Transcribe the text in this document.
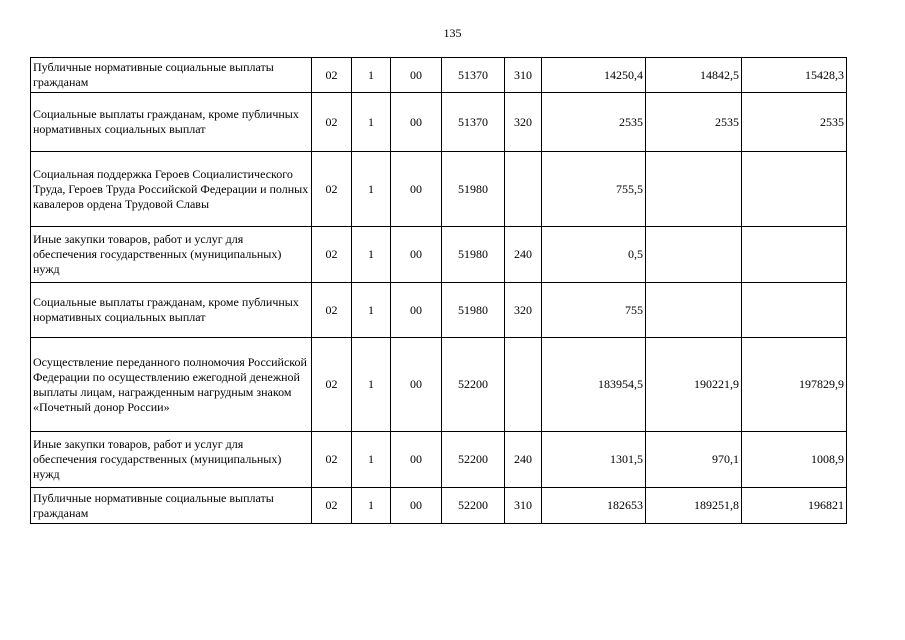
135
Публичные нормативные социальные выплаты гражданам	02	1	00	51370	310	14250,4	14842,5	15428,3
Социальные выплаты гражданам, кроме публичных нормативных социальных выплат	02	1	00	51370	320	2535	2535	2535
Социальная поддержка Героев Социалистического Труда, Героев Труда Российской Федерации и полных кавалеров ордена Трудовой Славы	02	1	00	51980		755,5		
Иные закупки товаров, работ и услуг для обеспечения государственных (муниципальных) нужд	02	1	00	51980	240	0,5		
Социальные выплаты гражданам, кроме публичных нормативных социальных выплат	02	1	00	51980	320	755		
Осуществление переданного полномочия Российской Федерации по осуществлению ежегодной денежной выплаты лицам, награжденным нагрудным знаком «Почетный донор России»	02	1	00	52200		183954,5	190221,9	197829,9
Иные закупки товаров, работ и услуг для обеспечения государственных (муниципальных) нужд	02	1	00	52200	240	1301,5	970,1	1008,9
Публичные нормативные социальные выплаты гражданам	02	1	00	52200	310	182653	189251,8	196821
